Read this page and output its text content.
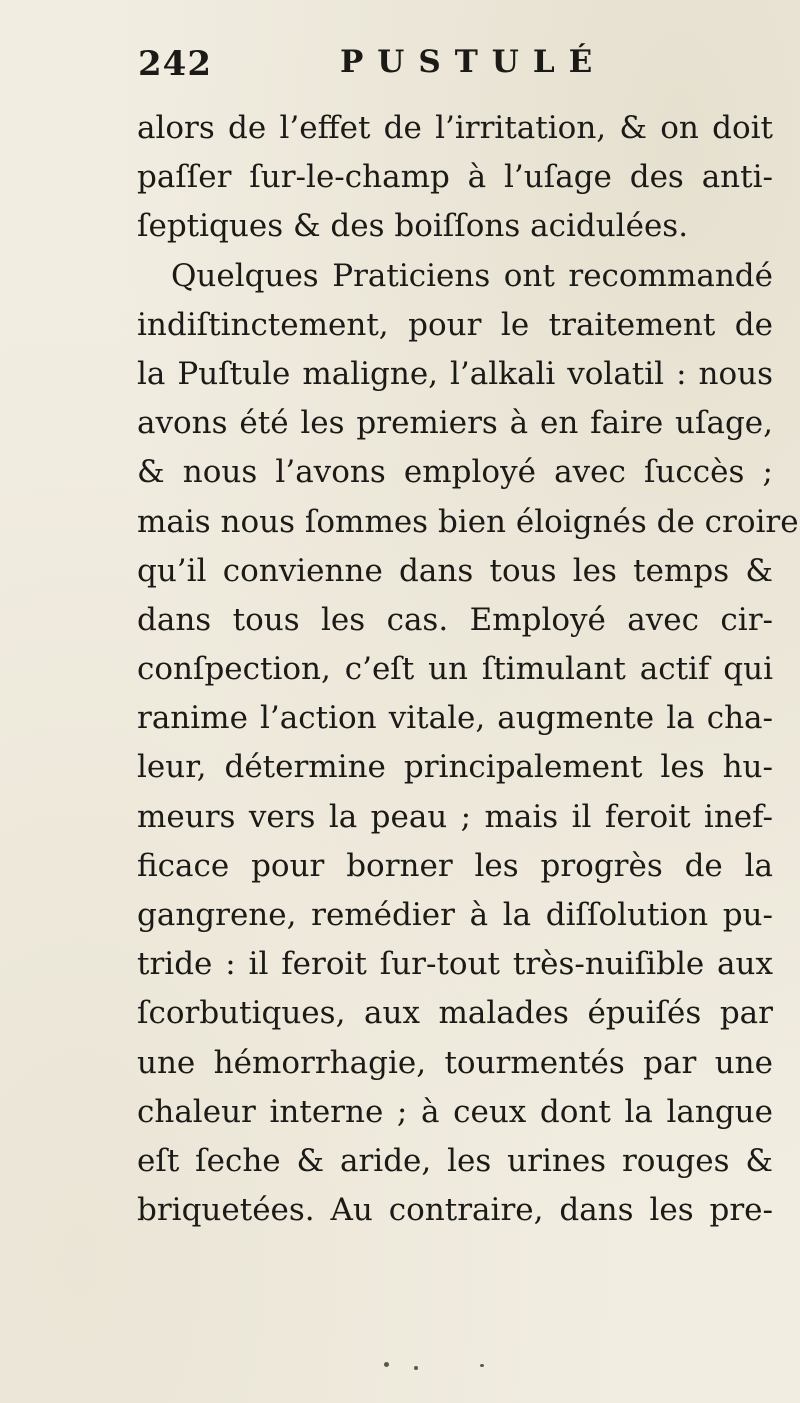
242	PUSTULÉ
alors de l’effet de l’irritation, & on doit
paſſer ſur-le-champ à l’uſage des anti-
ſeptiques & des boiſſons acidulées.
Quelques Praticiens ont recommandé
indiſtinctement, pour le traitement de
la Puſtule maligne, l’alkali volatil : nous
avons été les premiers à en faire uſage,
& nous l’avons employé avec ſuccès ;
mais nous ſommes bien éloignés de croire
qu’il convienne dans tous les temps &
dans tous les cas. Employé avec cir-
conſpection, c’eſt un ſtimulant actif qui
ranime l’action vitale, augmente la cha-
leur, détermine principalement les hu-
meurs vers la peau ; mais il feroit inef-
ficace pour borner les progrès de la
gangrene, remédier à la diſſolution pu-
tride : il feroit ſur-tout très-nuiſible aux
ſcorbutiques, aux malades épuiſés par
une hémorrhagie, tourmentés par une
chaleur interne ; à ceux dont la langue
eſt ſeche & aride, les urines rouges &
briquetées. Au contraire, dans les pre-
